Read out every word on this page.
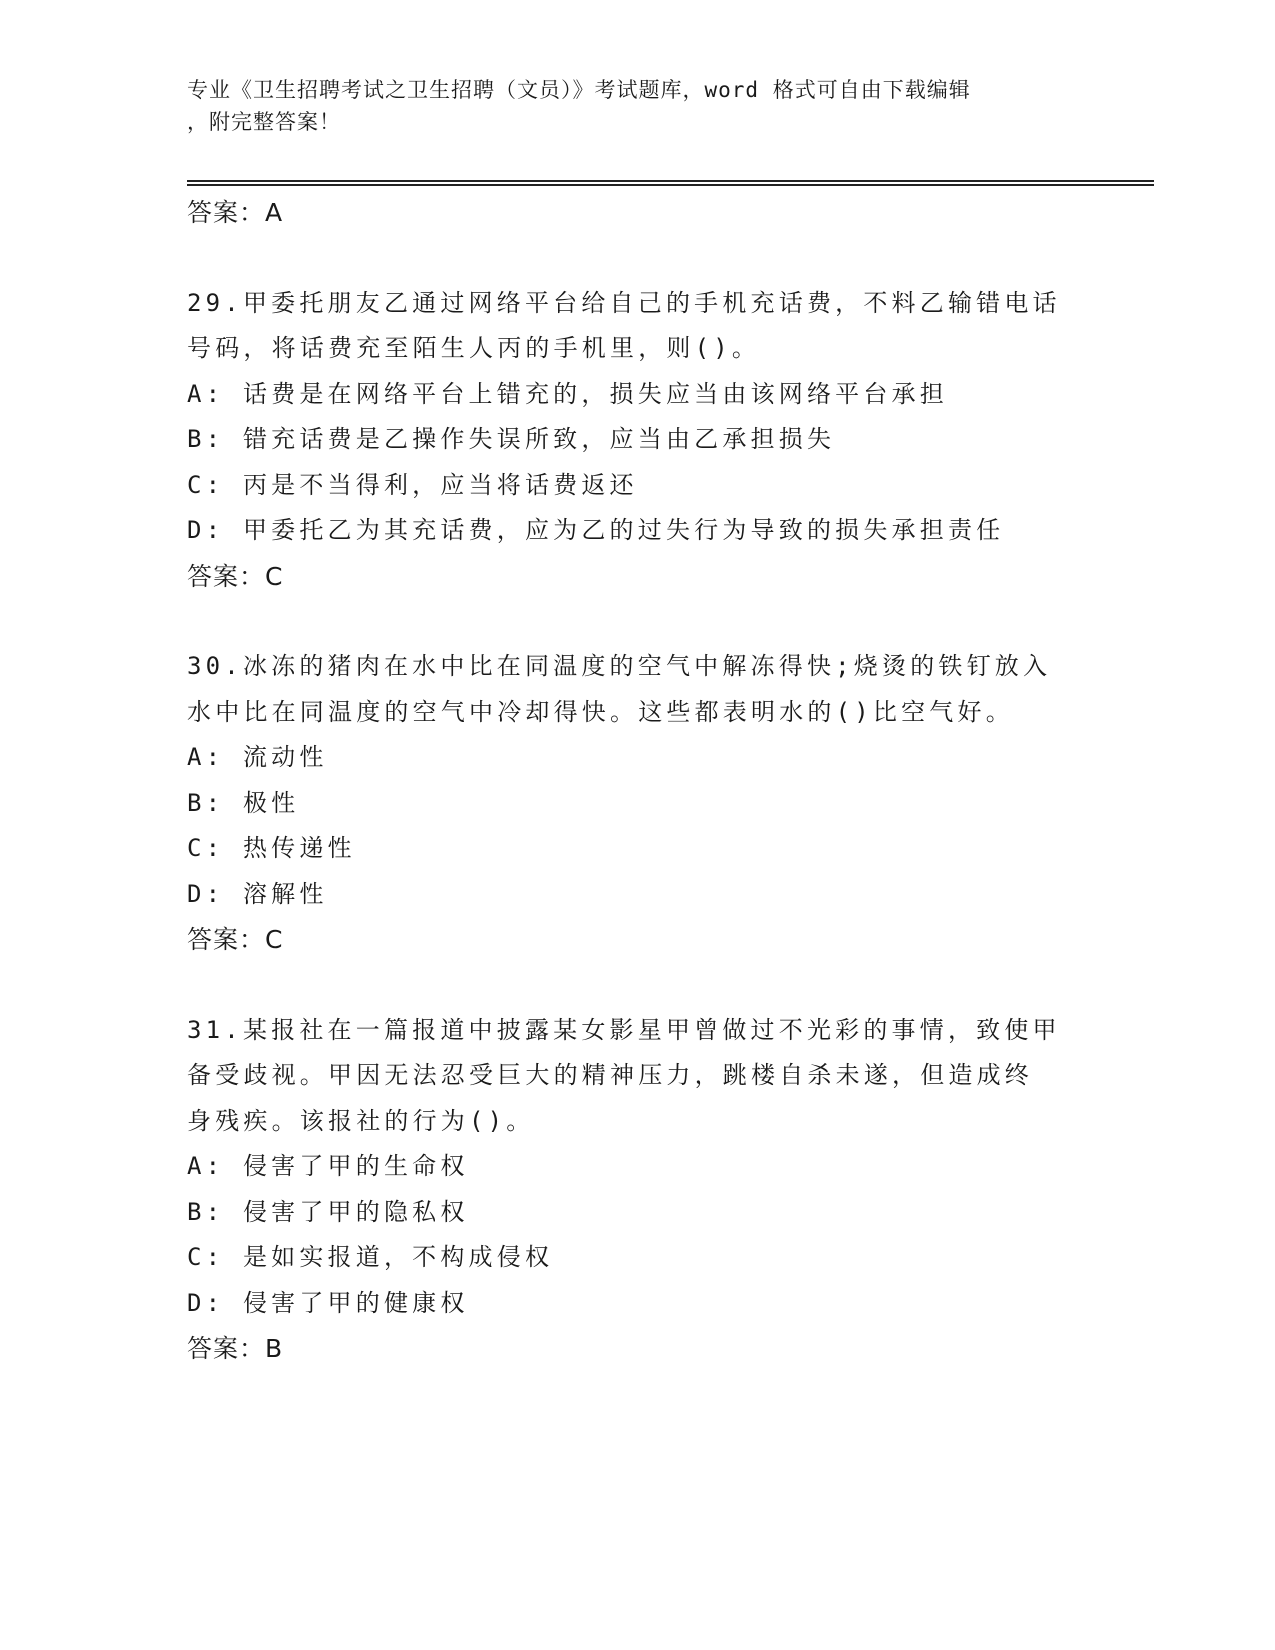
专业《卫生招聘考试之卫生招聘（文员）》考试题库，word 格式可自由下载编辑
，附完整答案！
答案：A
29.甲委托朋友乙通过网络平台给自己的手机充话费，不料乙输错电话
号码，将话费充至陌生人丙的手机里，则()。
A: 话费是在网络平台上错充的，损失应当由该网络平台承担
B: 错充话费是乙操作失误所致，应当由乙承担损失
C: 丙是不当得利，应当将话费返还
D: 甲委托乙为其充话费，应为乙的过失行为导致的损失承担责任
答案：C
30.冰冻的猪肉在水中比在同温度的空气中解冻得快;烧烫的铁钉放入
水中比在同温度的空气中冷却得快。这些都表明水的()比空气好。
A: 流动性
B: 极性
C: 热传递性
D: 溶解性
答案：C
31.某报社在一篇报道中披露某女影星甲曾做过不光彩的事情，致使甲
备受歧视。甲因无法忍受巨大的精神压力，跳楼自杀未遂，但造成终
身残疾。该报社的行为()。
A: 侵害了甲的生命权
B: 侵害了甲的隐私权
C: 是如实报道，不构成侵权
D: 侵害了甲的健康权
答案：B
